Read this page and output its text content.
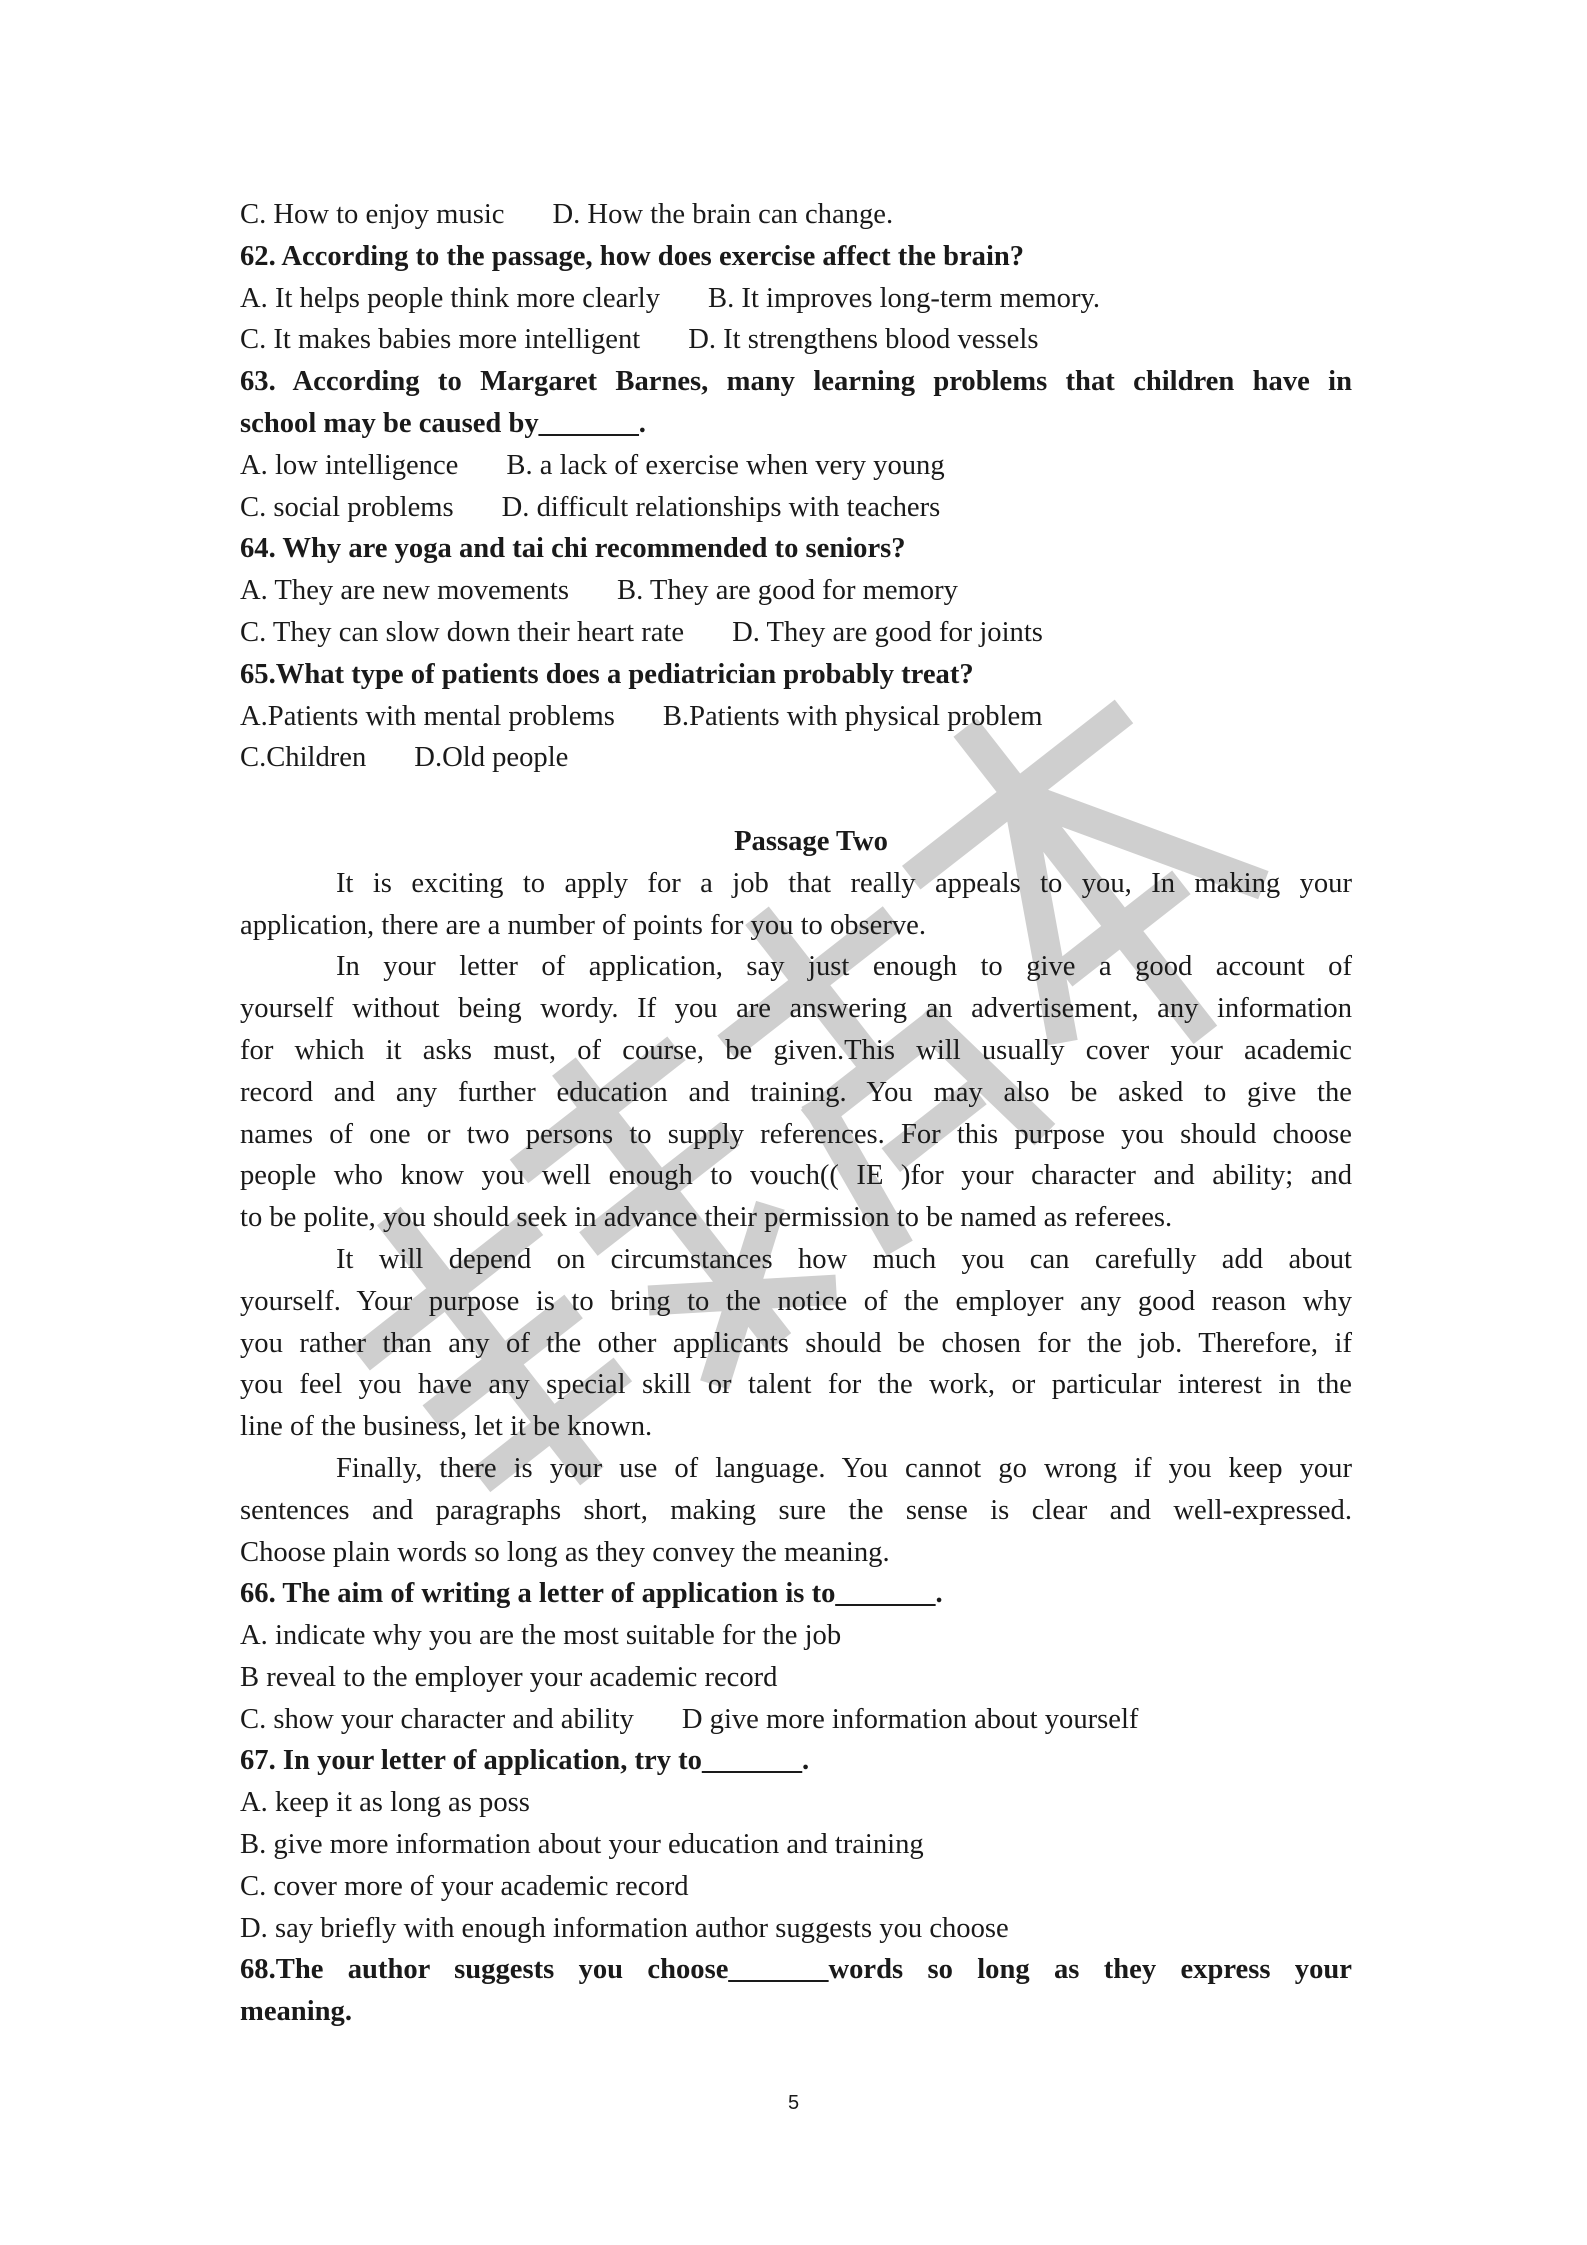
C. How to enjoy music D. How the brain can change.
62. According to the passage, how does exercise affect the brain?
A. It helps people think more clearly B. It improves long-term memory.
C. It makes babies more intelligent D. It strengthens blood vessels
63. According to Margaret Barnes, many learning problems that children have in
school may be caused by_______.
A. low intelligence B. a lack of exercise when very young
C. social problems D. difficult relationships with teachers
64. Why are yoga and tai chi recommended to seniors?
A. They are new movements B. They are good for memory
C. They can slow down their heart rate D. They are good for joints
65.What type of patients does a pediatrician probably treat?
A.Patients with mental problems B.Patients with physical problem
C.Children D.Old people
Passage Two
It is exciting to apply for a job that really appeals to you, In making your
application, there are a number of points for you to observe.
In your letter of application, say just enough to give a good account of
yourself without being wordy. If you are answering an advertisement, any information
for which it asks must, of course, be given.This will usually cover your academic
record and any further education and training. You may also be asked to give the
names of one or two persons to supply references. For this purpose you should choose
people who know you well enough to vouch(( IE )for your character and ability; and
to be polite, you should seek in advance their permission to be named as referees.
It will depend on circumstances how much you can carefully add about
yourself. Your purpose is to bring to the notice of the employer any good reason why
you rather than any of the other applicants should be chosen for the job. Therefore, if
you feel you have any special skill or talent for the work, or particular interest in the
line of the business, let it be known.
Finally, there is your use of language. You cannot go wrong if you keep your
sentences and paragraphs short, making sure the sense is clear and well-expressed.
Choose plain words so long as they convey the meaning.
66. The aim of writing a letter of application is to_______.
A. indicate why you are the most suitable for the job
B reveal to the employer your academic record
C. show your character and ability D give more information about yourself
67. In your letter of application, try to_______.
A. keep it as long as poss
B. give more information about your education and training
C. cover more of your academic record
D. say briefly with enough information author suggests you choose
68.The author suggests you choose_______words so long as they express your
meaning.
5
